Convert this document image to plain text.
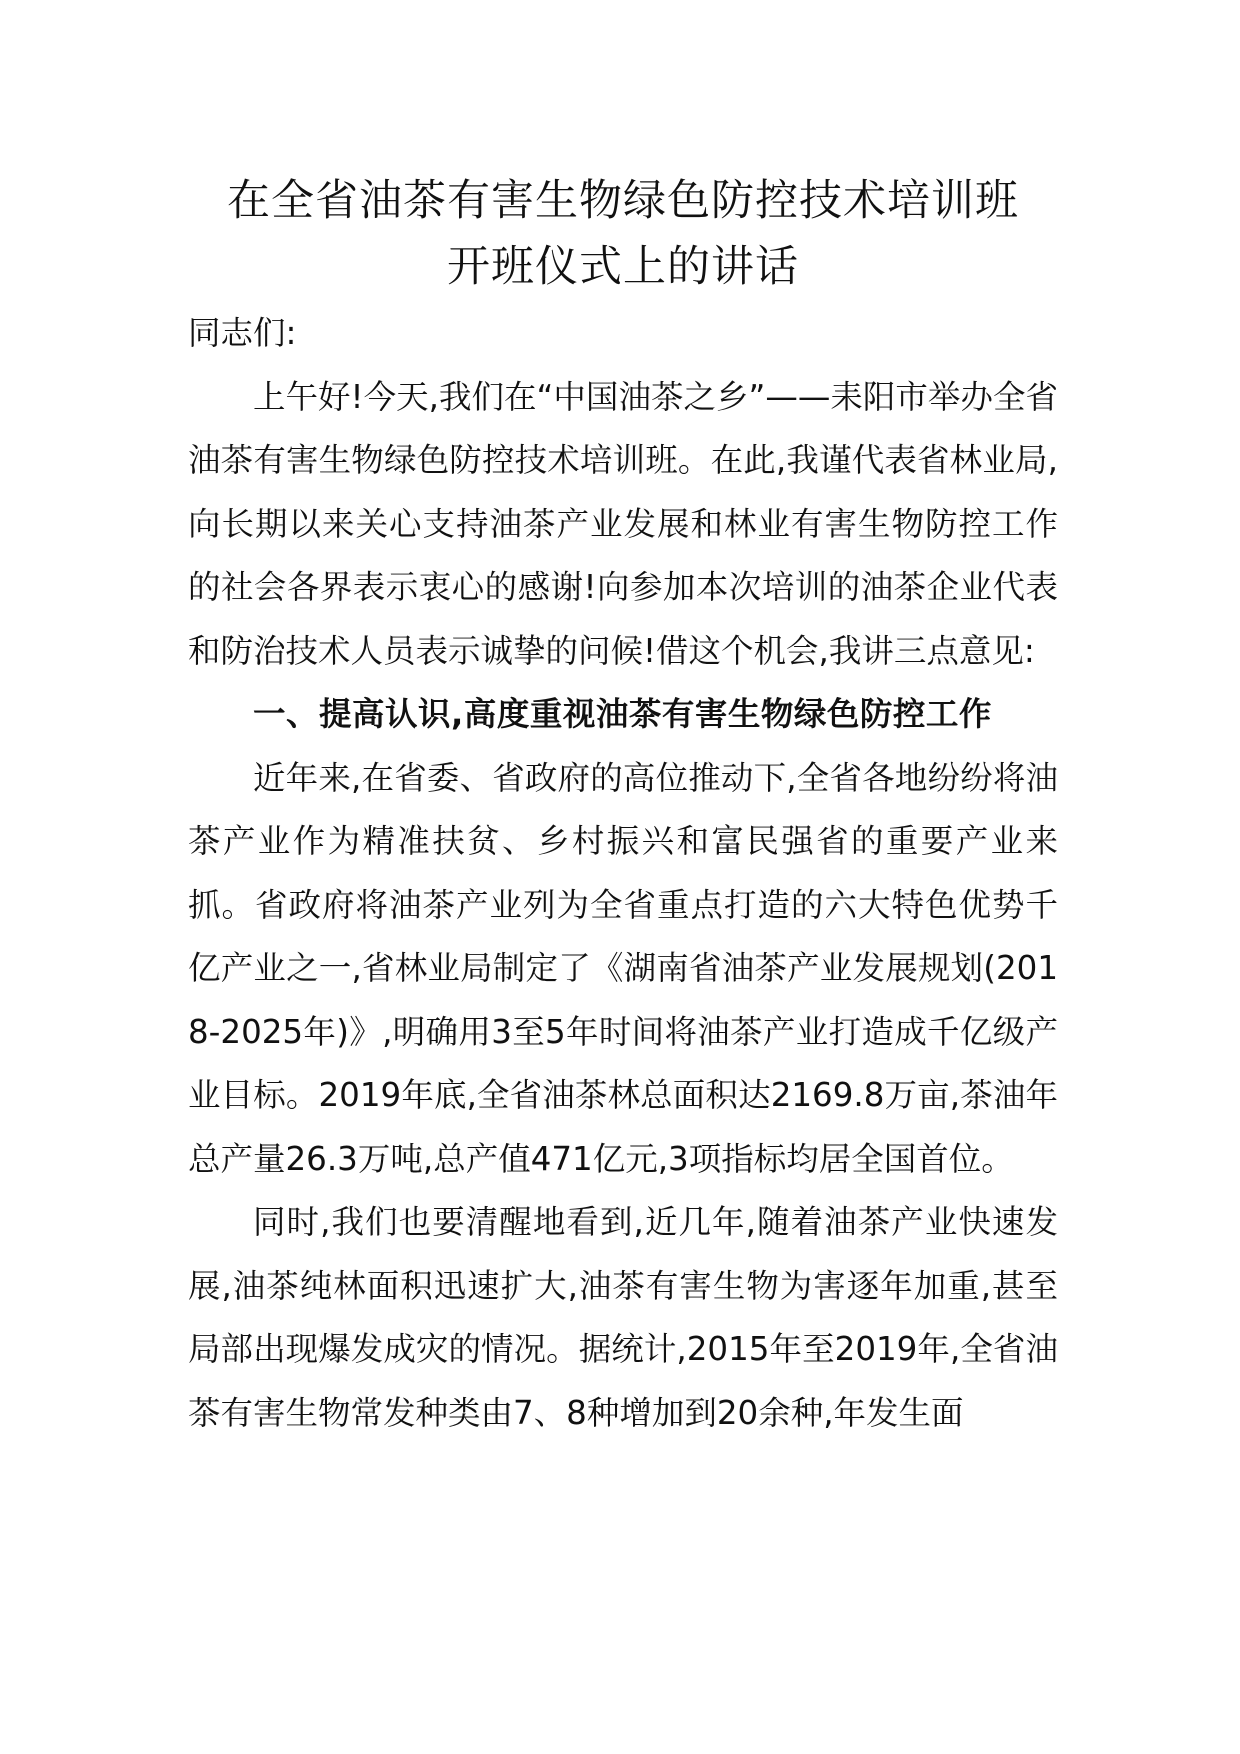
在全省油茶有害生物绿色防控技术培训班
开班仪式上的讲话

同志们:

上午好!今天,我们在“中国油茶之乡”——耒阳市举办全省油茶有害生物绿色防控技术培训班。在此,我谨代表省林业局,向长期以来关心支持油茶产业发展和林业有害生物防控工作的社会各界表示衷心的感谢!向参加本次培训的油茶企业代表和防治技术人员表示诚挚的问候!借这个机会,我讲三点意见:

一、提高认识,高度重视油茶有害生物绿色防控工作

近年来,在省委、省政府的高位推动下,全省各地纷纷将油茶产业作为精准扶贫、乡村振兴和富民强省的重要产业来抓。省政府将油茶产业列为全省重点打造的六大特色优势千亿产业之一,省林业局制定了《湖南省油茶产业发展规划(2018-2025年)》,明确用3至5年时间将油茶产业打造成千亿级产业目标。2019年底,全省油茶林总面积达2169.8万亩,茶油年总产量26.3万吨,总产值471亿元,3项指标均居全国首位。

同时,我们也要清醒地看到,近几年,随着油茶产业快速发展,油茶纯林面积迅速扩大,油茶有害生物为害逐年加重,甚至局部出现爆发成灾的情况。据统计,2015年至2019年,全省油茶有害生物常发种类由7、8种增加到20余种,年发生面
